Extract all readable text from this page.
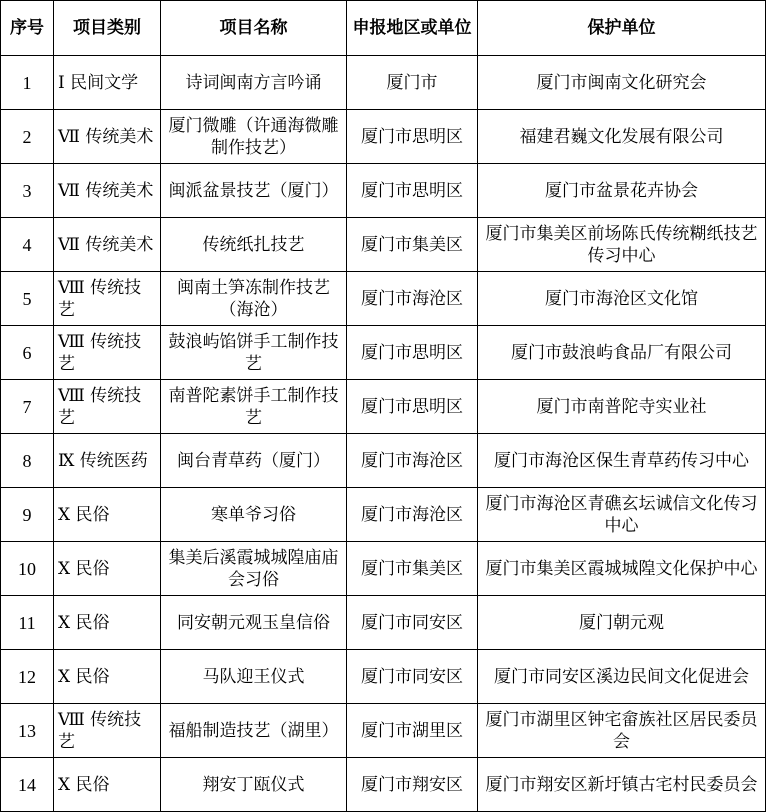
序号	项目类别	项目名称	申报地区或单位	保护单位
1	Ⅰ 民间文学	诗词闽南方言吟诵	厦门市	厦门市闽南文化研究会
2	Ⅶ 传统美术	厦门微雕（许通海微雕制作技艺）	厦门市思明区	福建君巍文化发展有限公司
3	Ⅶ 传统美术	闽派盆景技艺（厦门）	厦门市思明区	厦门市盆景花卉协会
4	Ⅶ 传统美术	传统纸扎技艺	厦门市集美区	厦门市集美区前场陈氏传统糊纸技艺传习中心
5	Ⅷ 传统技艺	闽南土笋冻制作技艺（海沧）	厦门市海沧区	厦门市海沧区文化馆
6	Ⅷ 传统技艺	鼓浪屿馅饼手工制作技艺	厦门市思明区	厦门市鼓浪屿食品厂有限公司
7	Ⅷ 传统技艺	南普陀素饼手工制作技艺	厦门市思明区	厦门市南普陀寺实业社
8	Ⅸ 传统医药	闽台青草药（厦门）	厦门市海沧区	厦门市海沧区保生青草药传习中心
9	Ⅹ 民俗	寒单爷习俗	厦门市海沧区	厦门市海沧区青礁玄坛诚信文化传习中心
10	Ⅹ 民俗	集美后溪霞城城隍庙庙会习俗	厦门市集美区	厦门市集美区霞城城隍文化保护中心
11	Ⅹ 民俗	同安朝元观玉皇信俗	厦门市同安区	厦门朝元观
12	Ⅹ 民俗	马队迎王仪式	厦门市同安区	厦门市同安区溪边民间文化促进会
13	Ⅷ 传统技艺	福船制造技艺（湖里）	厦门市湖里区	厦门市湖里区钟宅畲族社区居民委员会
14	Ⅹ 民俗	翔安丁瓯仪式	厦门市翔安区	厦门市翔安区新圩镇古宅村民委员会
